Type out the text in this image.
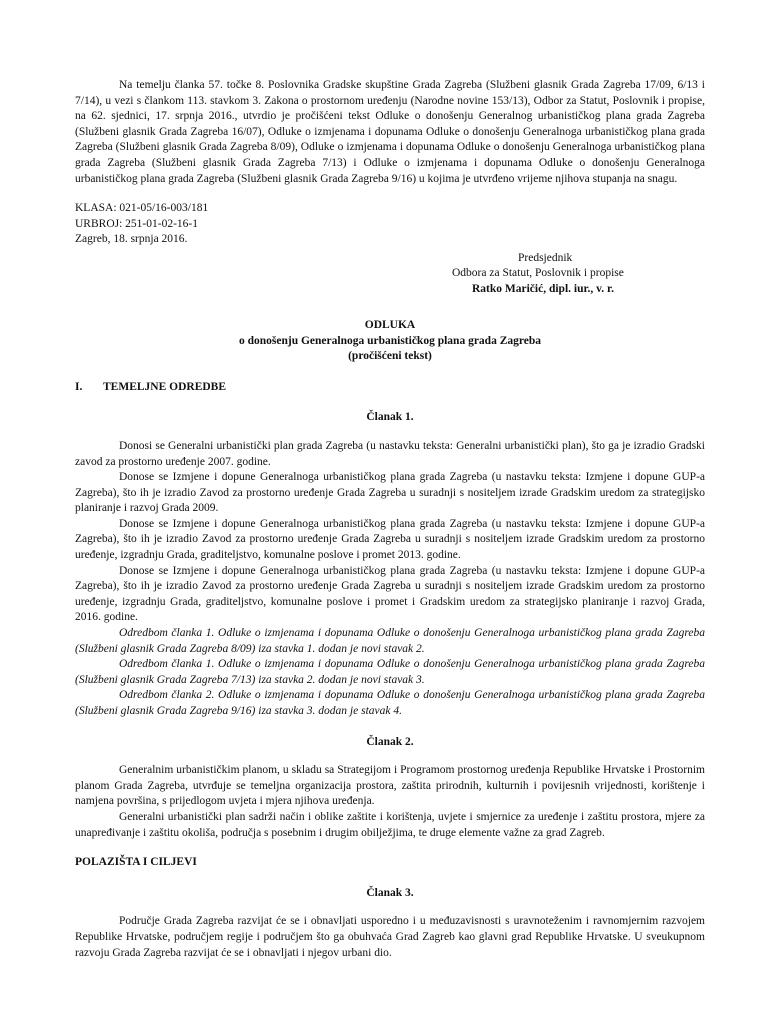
Na temelju članka 57. točke 8. Poslovnika Gradske skupštine Grada Zagreba (Službeni glasnik Grada Zagreba 17/09, 6/13 i 7/14), u vezi s člankom 113. stavkom 3. Zakona o prostornom uređenju (Narodne novine 153/13), Odbor za Statut, Poslovnik i propise, na 62. sjednici, 17. srpnja 2016., utvrdio je pročišćeni tekst Odluke o donošenju Generalnog urbanističkog plana grada Zagreba (Službeni glasnik Grada Zagreba 16/07), Odluke o izmjenama i dopunama Odluke o donošenju Generalnoga urbanističkog plana grada Zagreba (Službeni glasnik Grada Zagreba 8/09), Odluke o izmjenama i dopunama Odluke o donošenju Generalnoga urbanističkog plana grada Zagreba (Službeni glasnik Grada Zagreba 7/13) i Odluke o izmjenama i dopunama Odluke o donošenju Generalnoga urbanističkog plana grada Zagreba (Službeni glasnik Grada Zagreba 9/16) u kojima je utvrđeno vrijeme njihova stupanja na snagu.

KLASA: 021-05/16-003/181
URBROJ: 251-01-02-16-1
Zagreb, 18. srpnja 2016.
Predsjednik
Odbora za Statut, Poslovnik i propise
Ratko Maričić, dipl. iur., v. r.
ODLUKA
o donošenju Generalnoga urbanističkog plana grada Zagreba
(pročišćeni tekst)
I.	TEMELJNE ODREDBE
Članak 1.

Donosi se Generalni urbanistički plan grada Zagreba (u nastavku teksta: Generalni urbanistički plan), što ga je izradio Gradski zavod za prostorno uređenje 2007. godine.

Donose se Izmjene i dopune Generalnoga urbanističkog plana grada Zagreba (u nastavku teksta: Izmjene i dopune GUP-a Zagreba), što ih je izradio Zavod za prostorno uređenje Grada Zagreba u suradnji s nositeljem izrade Gradskim uredom za strategijsko planiranje i razvoj Grada 2009.

Donose se Izmjene i dopune Generalnoga urbanističkog plana grada Zagreba (u nastavku teksta: Izmjene i dopune GUP-a Zagreba), što ih je izradio Zavod za prostorno uređenje Grada Zagreba u suradnji s nositeljem izrade Gradskim uredom za prostorno uređenje, izgradnju Grada, graditeljstvo, komunalne poslove i promet 2013. godine.

Donose se Izmjene i dopune Generalnoga urbanističkog plana grada Zagreba (u nastavku teksta: Izmjene i dopune GUP-a Zagreba), što ih je izradio Zavod za prostorno uređenje Grada Zagreba u suradnji s nositeljem izrade Gradskim uredom za prostorno uređenje, izgradnju Grada, graditeljstvo, komunalne poslove i promet i Gradskim uredom za strategijsko planiranje i razvoj Grada, 2016. godine.

Odredbom članka 1. Odluke o izmjenama i dopunama Odluke o donošenju Generalnoga urbanističkog plana grada Zagreba (Službeni glasnik Grada Zagreba 8/09) iza stavka 1. dodan je novi stavak 2.

Odredbom članka 1. Odluke o izmjenama i dopunama Odluke o donošenju Generalnoga urbanističkog plana grada Zagreba (Službeni glasnik Grada Zagreba 7/13) iza stavka 2. dodan je novi stavak 3.

Odredbom članka 2. Odluke o izmjenama i dopunama Odluke o donošenju Generalnoga urbanističkog plana grada Zagreba (Službeni glasnik Grada Zagreba 9/16) iza stavka 3. dodan je stavak 4.

Članak 2.

Generalnim urbanističkim planom, u skladu sa Strategijom i Programom prostornog uređenja Republike Hrvatske i Prostornim planom Grada Zagreba, utvrđuje se temeljna organizacija prostora, zaštita prirodnih, kulturnih i povijesnih vrijednosti, korištenje i namjena površina, s prijedlogom uvjeta i mjera njihova uređenja.

Generalni urbanistički plan sadrži način i oblike zaštite i korištenja, uvjete i smjernice za uređenje i zaštitu prostora, mjere za unapređivanje i zaštitu okoliša, područja s posebnim i drugim obilježjima, te druge elemente važne za grad Zagreb.

POLAZIŠTA I CILJEVI
Članak 3.

Područje Grada Zagreba razvijat će se i obnavljati usporedno i u međuzavisnosti s uravnoteženim i ravnomjernim razvojem Republike Hrvatske, područjem regije i područjem što ga obuhvaća Grad Zagreb kao glavni grad Republike Hrvatske. U sveukupnom razvoju Grada Zagreba razvijat će se i obnavljati i njegov urbani dio.
